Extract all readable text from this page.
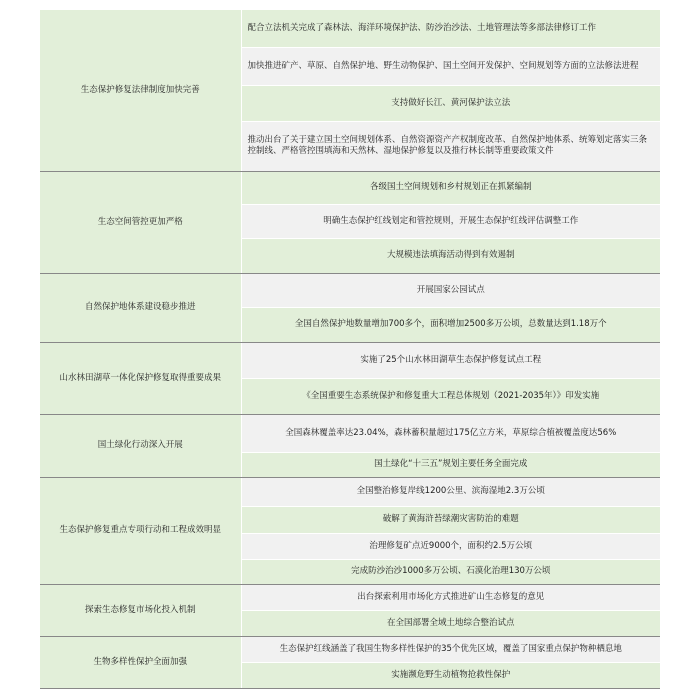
生态保护修复法律制度加快完善	配合立法机关完成了森林法、海洋环境保护法、防沙治沙法、土地管理法等多部法律修订工作
	加快推进矿产、草原、自然保护地、野生动物保护、国土空间开发保护、空间规划等方面的立法修法进程
	支持做好长江、黄河保护法立法
	推动出台了关于建立国土空间规划体系、自然资源资产产权制度改革、自然保护地体系、统筹划定落实三条控制线、严格管控围填海和天然林、湿地保护修复以及推行林长制等重要政策文件
生态空间管控更加严格	各级国土空间规划和乡村规划正在抓紧编制
	明确生态保护红线划定和管控规则，开展生态保护红线评估调整工作
	大规模违法填海活动得到有效遏制
自然保护地体系建设稳步推进	开展国家公园试点
	全国自然保护地数量增加700多个，面积增加2500多万公顷，总数量达到1.18万个
山水林田湖草一体化保护修复取得重要成果	实施了25个山水林田湖草生态保护修复试点工程
	《全国重要生态系统保护和修复重大工程总体规划（2021-2035年）》印发实施
国土绿化行动深入开展	全国森林覆盖率达23.04%，森林蓄积量超过175亿立方米，草原综合植被覆盖度达56%
	国土绿化“十三五”规划主要任务全面完成
生态保护修复重点专项行动和工程成效明显	全国整治修复岸线1200公里、滨海湿地2.3万公顷
	破解了黄海浒苔绿潮灾害防治的难题
	治理修复矿点近9000个，面积约2.5万公顷
	完成防沙治沙1000多万公顷、石漠化治理130万公顷
探索生态修复市场化投入机制	出台探索利用市场化方式推进矿山生态修复的意见
	在全国部署全域土地综合整治试点
生物多样性保护全面加强	生态保护红线涵盖了我国生物多样性保护的35个优先区域，覆盖了国家重点保护物种栖息地
	实施濒危野生动植物抢救性保护
